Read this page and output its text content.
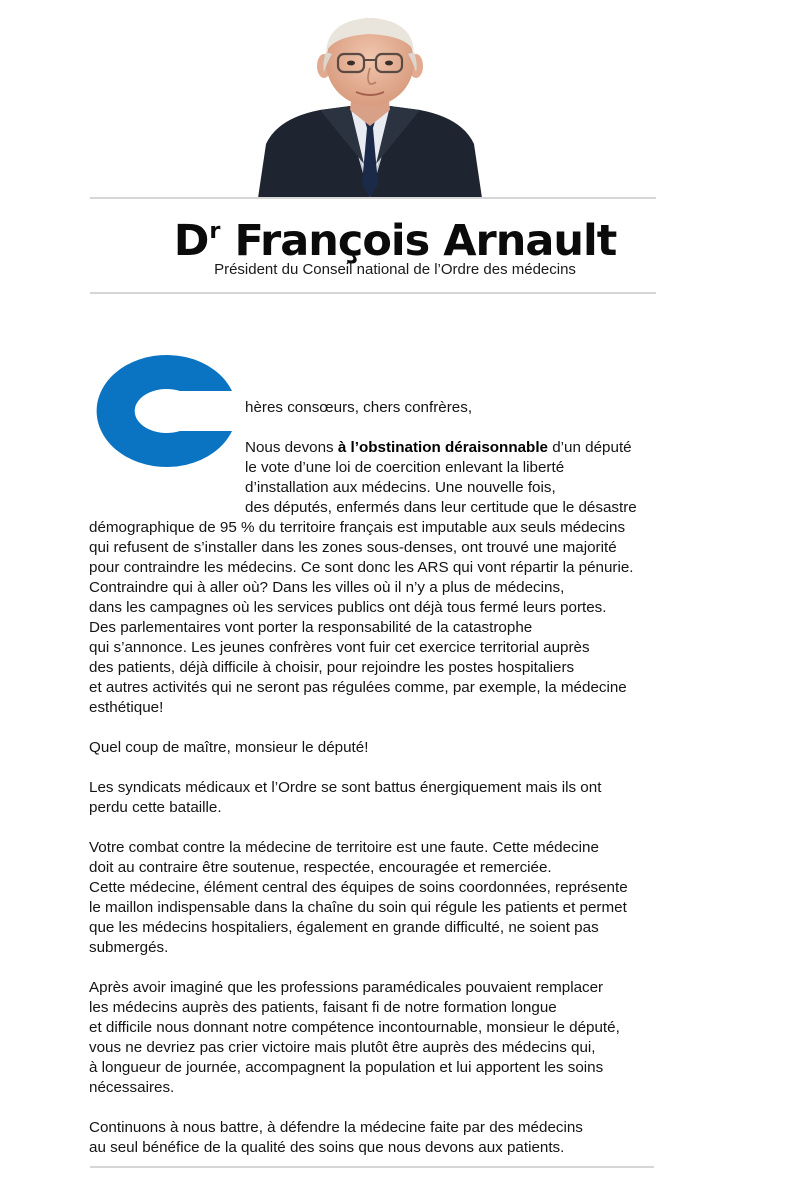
$D^r$ François Arnault
Président du Conseil national de l’Ordre des médecins
hères consœurs, chers confrères,
Nous devons à l’obstination déraisonnable d’un député
le vote d’une loi de coercition enlevant la liberté
d’installation aux médecins. Une nouvelle fois,
des députés, enfermés dans leur certitude que le désastre
démographique de 95 % du territoire français est imputable aux seuls médecins
qui refusent de s’installer dans les zones sous-denses, ont trouvé une majorité
pour contraindre les médecins. Ce sont donc les ARS qui vont répartir la pénurie.
Contraindre qui à aller où? Dans les villes où il n’y a plus de médecins,
dans les campagnes où les services publics ont déjà tous fermé leurs portes.
Des parlementaires vont porter la responsabilité de la catastrophe
qui s’annonce. Les jeunes confrères vont fuir cet exercice territorial auprès
des patients, déjà difficile à choisir, pour rejoindre les postes hospitaliers
et autres activités qui ne seront pas régulées comme, par exemple, la médecine
esthétique!
Quel coup de maître, monsieur le député!
Les syndicats médicaux et l’Ordre se sont battus énergiquement mais ils ont
perdu cette bataille.
Votre combat contre la médecine de territoire est une faute. Cette médecine
doit au contraire être soutenue, respectée, encouragée et remerciée.
Cette médecine, élément central des équipes de soins coordonnées, représente
le maillon indispensable dans la chaîne du soin qui régule les patients et permet
que les médecins hospitaliers, également en grande difficulté, ne soient pas
submergés.
Après avoir imaginé que les professions paramédicales pouvaient remplacer
les médecins auprès des patients, faisant fi de notre formation longue
et difficile nous donnant notre compétence incontournable, monsieur le député,
vous ne devriez pas crier victoire mais plutôt être auprès des médecins qui,
à longueur de journée, accompagnent la population et lui apportent les soins
nécessaires.
Continuons à nous battre, à défendre la médecine faite par des médecins
au seul bénéfice de la qualité des soins que nous devons aux patients.
